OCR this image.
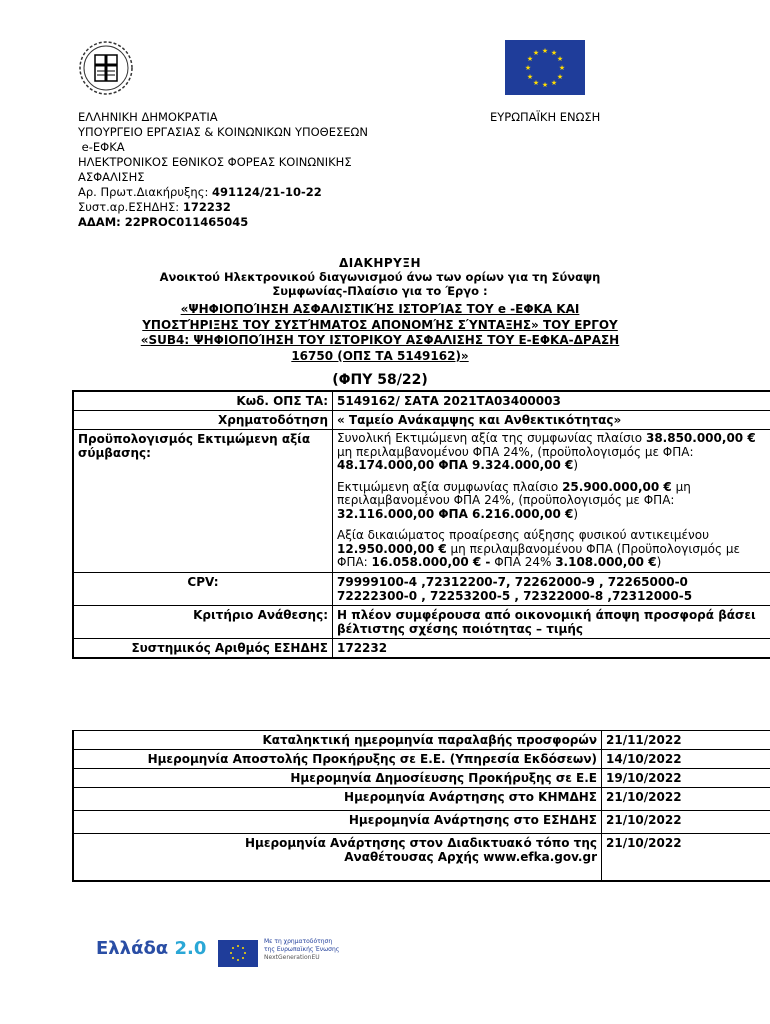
★ ★
★
★
★
★
★
★
★
★
★
★
ΕΥΡΩΠΑΪΚΗ ΕΝΩΣΗ
ΕΛΛΗΝΙΚΗ ΔΗΜΟΚΡΑΤΙΑ
ΥΠΟΥΡΓΕΙΟ ΕΡΓΑΣΙΑΣ & ΚΟΙΝΩΝΙΚΩΝ ΥΠΟΘΕΣΕΩΝ
e-ΕΦΚΑ
ΗΛΕΚΤΡΟΝΙΚΟΣ ΕΘΝΙΚΟΣ ΦΟΡΕΑΣ ΚΟΙΝΩΝΙΚΗΣ
ΑΣΦΑΛΙΣΗΣ
Αρ. Πρωτ.Διακήρυξης: 491124/21-10-22
Συστ.αρ.ΕΣΗΔΗΣ: 172232
ΑΔΑΜ: 22PROC011465045
ΔΙΑΚΗΡΥΞΗ
Ανοικτού Ηλεκτρονικού διαγωνισμού άνω των ορίων για τη Σύναψη
Συμφωνίας-Πλαίσιο για το Έργο :
«ΨΗΦΙΟΠΟΊΗΣΗ ΑΣΦΑΛΙΣΤΙΚΉΣ ΙΣΤΟΡΊΑΣ ΤΟΥ e -ΕΦΚΑ ΚΑΙ
ΥΠΟΣΤΉΡΙΞΗΣ ΤΟΥ ΣΥΣΤΉΜΑΤΟΣ ΑΠΟΝΟΜΉΣ ΣΎΝΤΑΞΗΣ» ΤΟΥ ΕΡΓΟΥ
«SUB4: ΨΗΦΙΟΠΟΊΗΣΗ ΤΟΥ ΙΣΤΟΡΙΚΟΥ ΑΣΦΑΛΙΣΗΣ ΤΟΥ Ε-ΕΦΚΑ-ΔΡΑΣΗ
16750 (ΟΠΣ ΤΑ 5149162)»
(ΦΠΥ 58/22)
Κωδ. ΟΠΣ ΤΑ:	5149162/ ΣΑΤΑ 2021ΤΑ03400003
Χρηματοδότηση	« Ταμείο Ανάκαμψης και Ανθεκτικότητας»
Προϋπολογισμός Εκτιμώμενη αξία σύμβασης:	Συνολική Εκτιμώμενη αξία της συμφωνίας πλαίσιο 38.850.000,00 € μη περιλαμβανομένου ΦΠΑ 24%, (προϋπολογισμός με ΦΠΑ: 48.174.000,00 ΦΠΑ 9.324.000,00 €)

Εκτιμώμενη αξία συμφωνίας πλαίσιο 25.900.000,00 € μη περιλαμβανομένου ΦΠΑ 24%, (προϋπολογισμός με ΦΠΑ: 32.116.000,00 ΦΠΑ 6.216.000,00 €)

Αξία δικαιώματος προαίρεσης αύξησης φυσικού αντικειμένου 12.950.000,00 € μη περιλαμβανομένου ΦΠΑ (Προϋπολογισμός με ΦΠΑ: 16.058.000,00 € - ΦΠΑ 24% 3.108.000,00 €)

CPV:	79999100-4 ,72312200-7, 72262000-9 , 72265000-0
72222300-0 , 72253200-5 , 72322000-8 ,72312000-5

Κριτήριο Ανάθεσης:	Η πλέον συμφέρουσα από οικονομική άποψη προσφορά βάσει βέλτιστης σχέσης ποιότητας – τιμής
Συστημικός Αριθμός ΕΣΗΔΗΣ	172232
Καταληκτική ημερομηνία παραλαβής προσφορών	21/11/2022
Ημερομηνία Αποστολής Προκήρυξης σε Ε.Ε. (Υπηρεσία Εκδόσεων)	14/10/2022
Ημερομηνία Δημοσίευσης Προκήρυξης σε Ε.Ε	19/10/2022
Ημερομηνία Ανάρτησης στο ΚΗΜΔΗΣ	21/10/2022
Ημερομηνία Ανάρτησης στο ΕΣΗΔΗΣ	21/10/2022
Ημερομηνία Ανάρτησης στον Διαδικτυακό τόπο της Αναθέτουσας Αρχής www.efka.gov.gr	21/10/2022
Ελλάδα 2.0	Με τη χρηματοδότηση
της Ευρωπαϊκής Ένωσης
NextGenerationEU
